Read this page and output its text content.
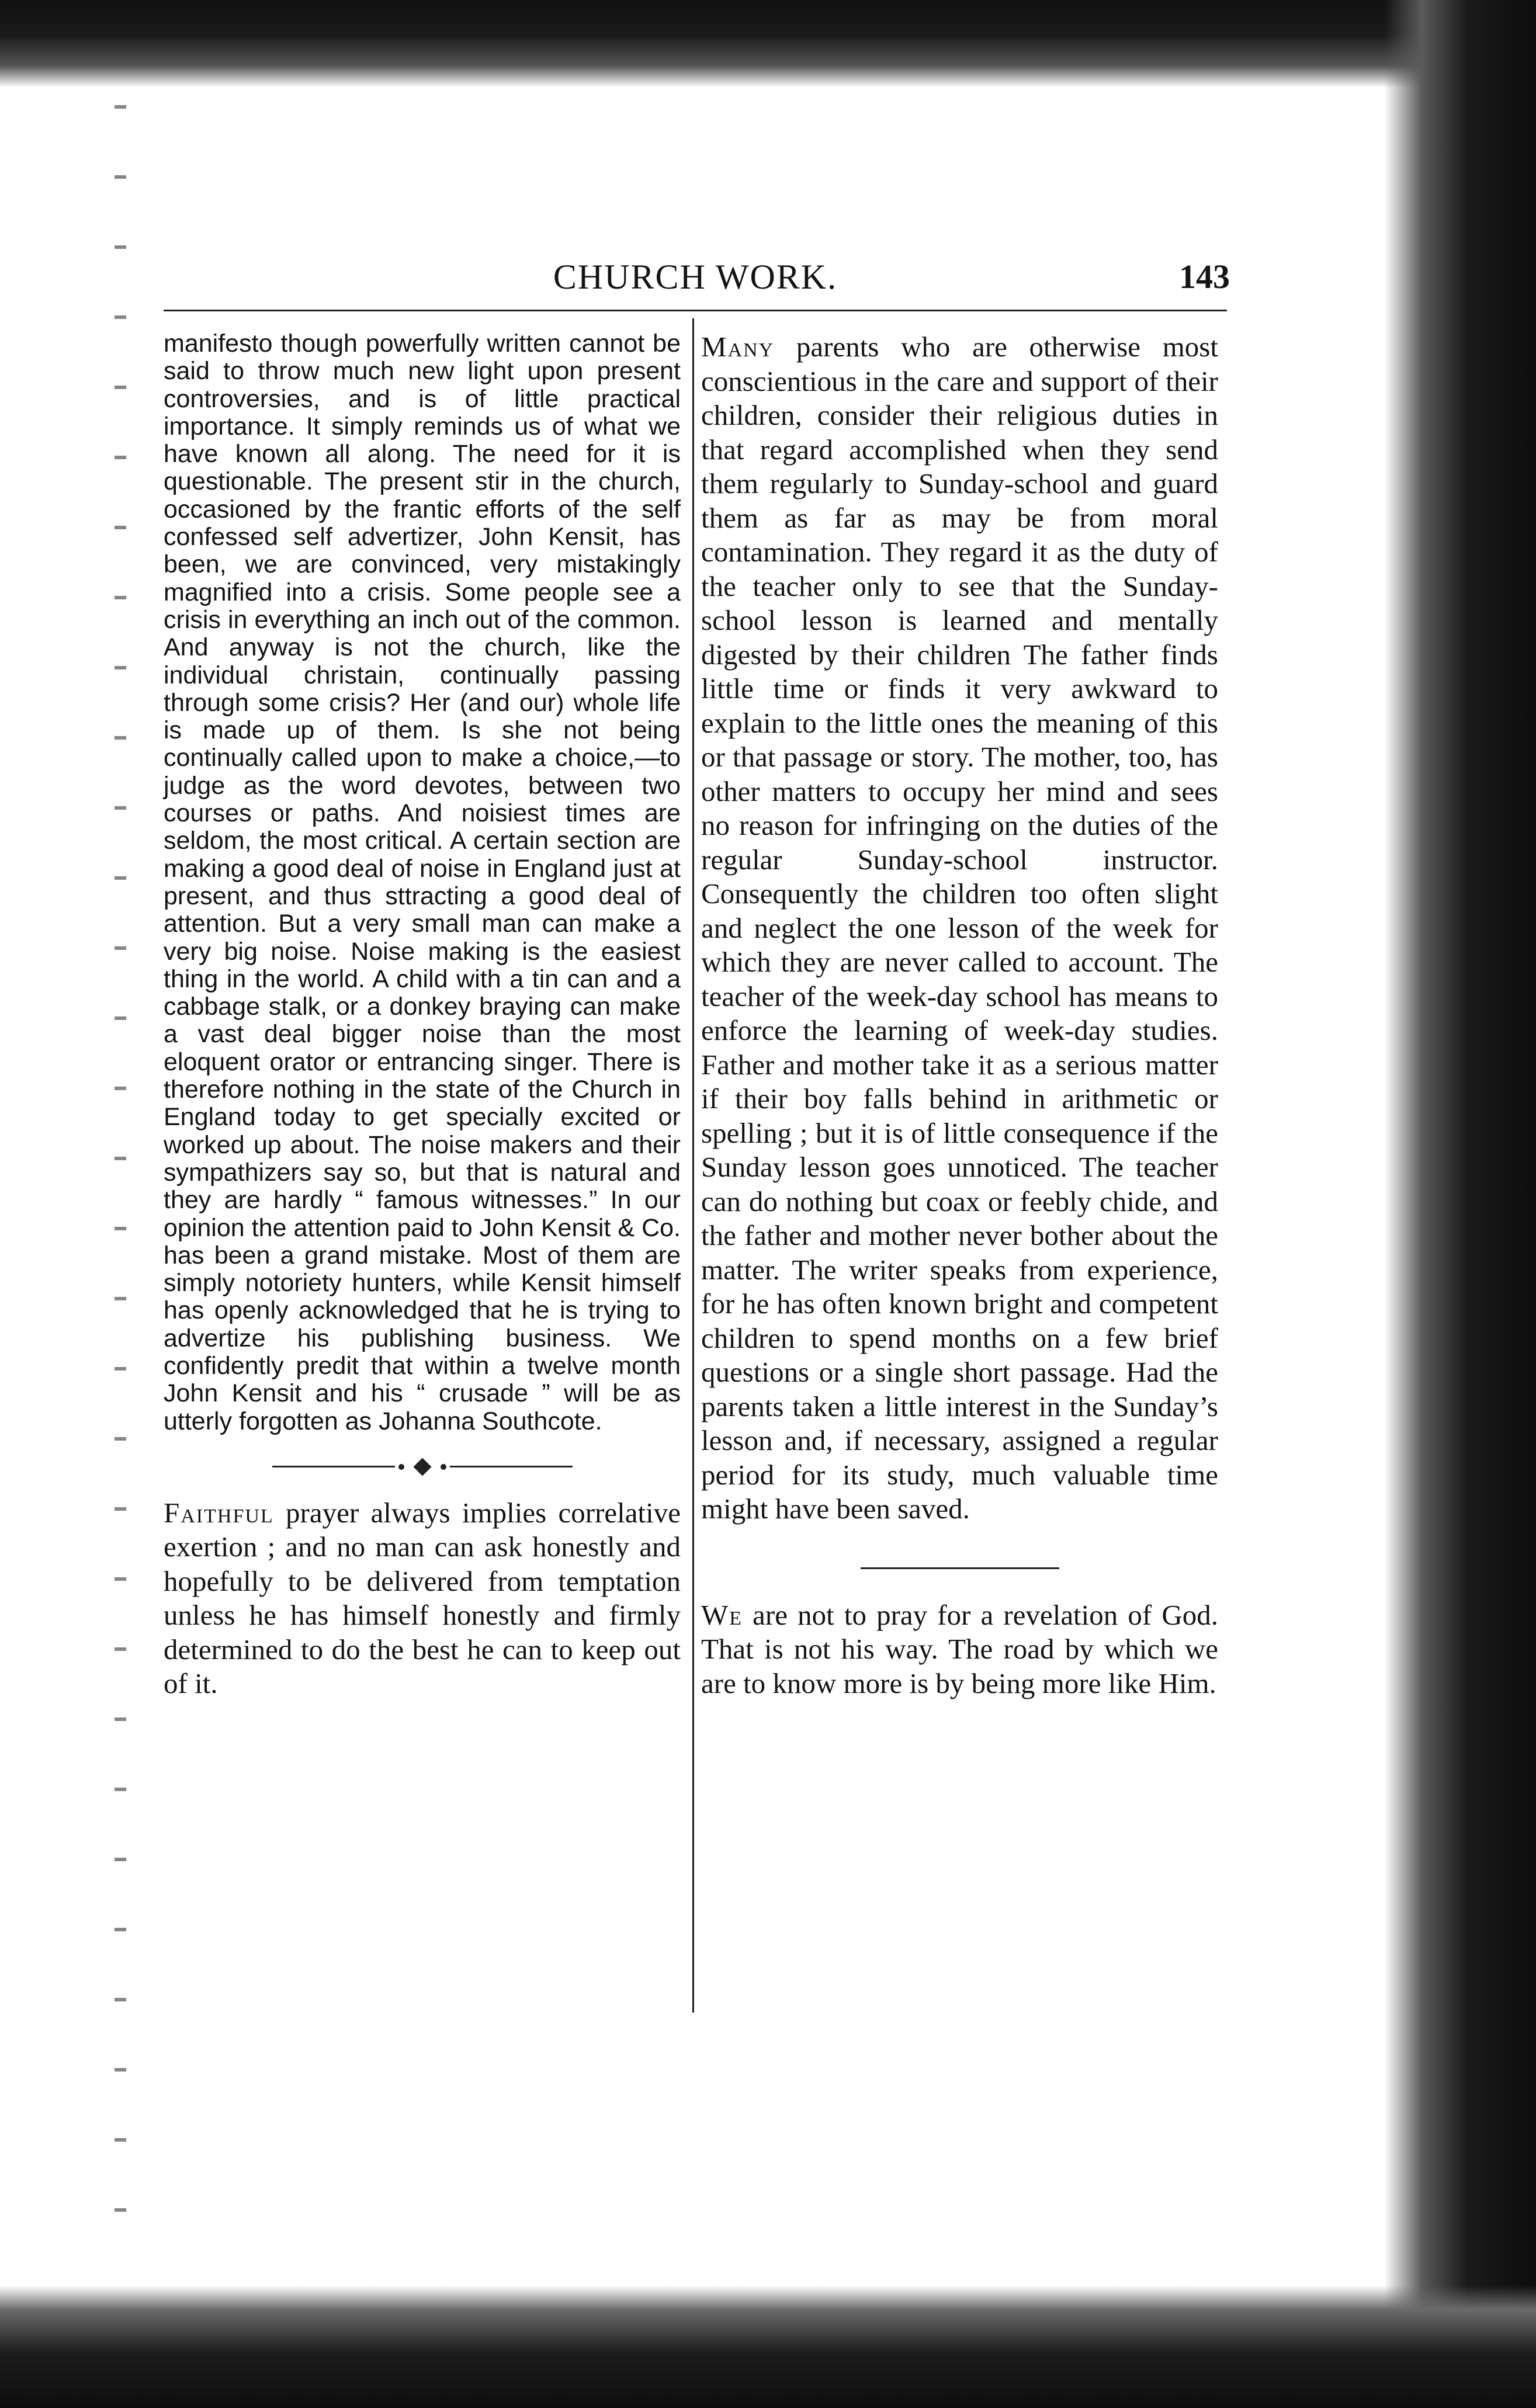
CHURCH WORK.	143

manifesto though powerfully written cannot be said to throw much new light upon present controversies, and is of little practical importance. It simply reminds us of what we have known all along. The need for it is questionable. The present stir in the church, occasioned by the frantic efforts of the self confessed self advertizer, John Kensit, has been, we are convinced, very mistakingly magnified into a crisis. Some people see a crisis in everything an inch out of the common. And anyway is not the church, like the individual christain, continually passing through some crisis? Her (and our) whole life is made up of them. Is she not being continually called upon to make a choice,—to judge as the word devotes, between two courses or paths. And noisiest times are seldom, the most critical. A certain section are making a good deal of noise in England just at present, and thus sttracting a good deal of attention. But a very small man can make a very big noise. Noise making is the easiest thing in the world. A child with a tin can and a cabbage stalk, or a donkey braying can make a vast deal bigger noise than the most eloquent orator or entrancing singer. There is therefore nothing in the state of the Church in England today to get specially excited or worked up about. The noise makers and their sympathizers say so, but that is natural and they are hardly “ famous witnesses.” In our opinion the attention paid to John Kensit & Co. has been a grand mistake. Most of them are simply notoriety hunters, while Kensit himself has openly acknowledged that he is trying to advertize his publishing business. We confidently predit that within a twelve month John Kensit and his “ crusade ” will be as utterly forgotten as Johanna Southcote.

Faithful prayer always implies correlative exertion ; and no man can ask honestly and hopefully to be delivered from temptation unless he has himself honestly and firmly determined to do the best he can to keep out of it.

Many parents who are otherwise most conscientious in the care and support of their children, consider their religious duties in that regard accomplished when they send them regularly to Sunday-school and guard them as far as may be from moral contamination. They regard it as the duty of the teacher only to see that the Sunday-school lesson is learned and mentally digested by their children The father finds little time or finds it very awkward to explain to the little ones the meaning of this or that passage or story. The mother, too, has other matters to occupy her mind and sees no reason for infringing on the duties of the regular Sunday-school instructor. Consequently the children too often slight and neglect the one lesson of the week for which they are never called to account. The teacher of the week-day school has means to enforce the learning of week-day studies. Father and mother take it as a serious matter if their boy falls behind in arithmetic or spelling ; but it is of little consequence if the Sunday lesson goes unnoticed. The teacher can do nothing but coax or feebly chide, and the father and mother never bother about the matter. The writer speaks from experience, for he has often known bright and competent children to spend months on a few brief questions or a single short passage. Had the parents taken a little interest in the Sunday’s lesson and, if necessary, assigned a regular period for its study, much valuable time might have been saved.

We are not to pray for a revelation of God. That is not his way. The road by which we are to know more is by being more like Him.
